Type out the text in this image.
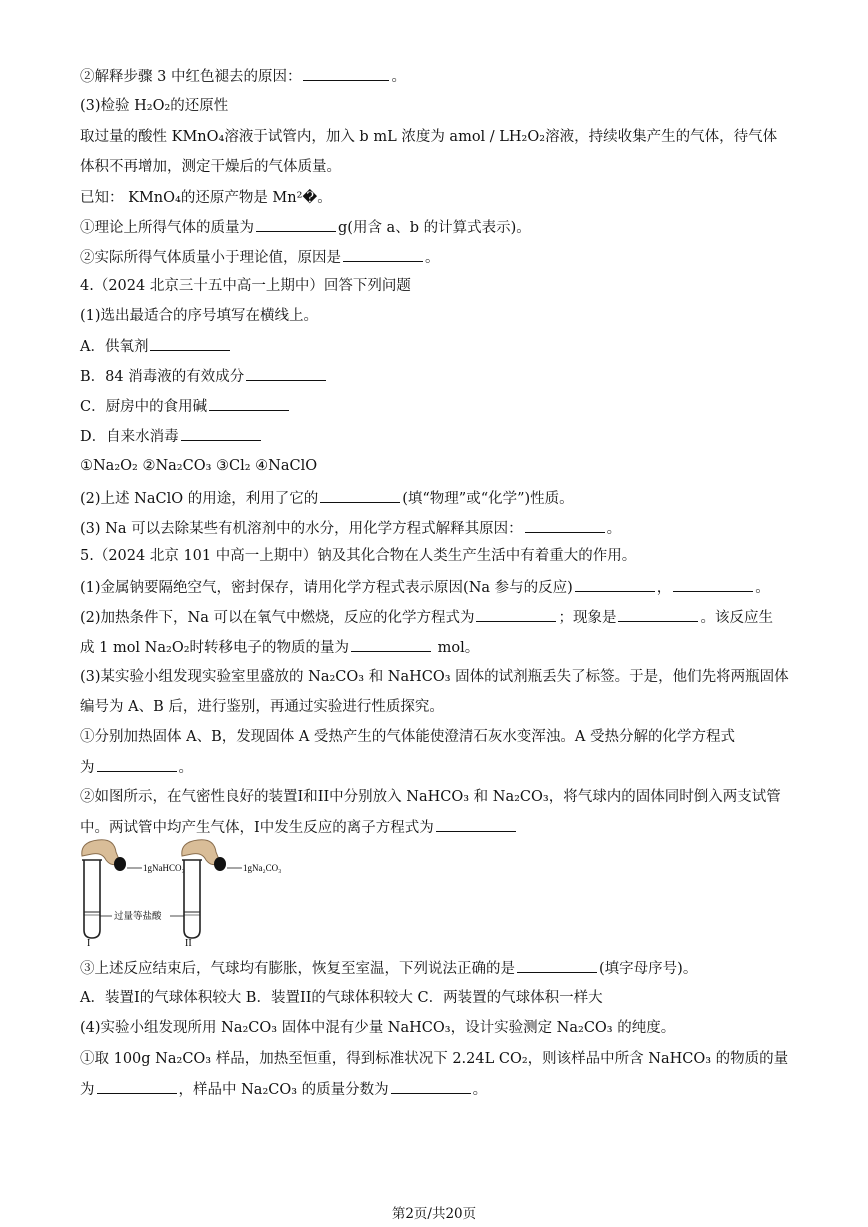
②解释步骤 3 中红色褪去的原因：	。
(3)检验 H₂O₂的还原性
取过量的酸性 KMnO₄溶液于试管内，加入 b mL 浓度为 amol / LH₂O₂溶液，持续收集产生的气体，待气体
体积不再增加，测定干燥后的气体质量。
已知： KMnO₄的还原产物是 Mn²�。
①理论上所得气体的质量为	g(用含 a、b 的计算式表示)。
②实际所得气体质量小于理论值，原因是	。
4.（2024 北京三十五中高一上期中）回答下列问题
(1)选出最适合的序号填写在横线上。
A．供氧剂
B．84 消毒液的有效成分
C．厨房中的食用碱
D．自来水消毒
①Na₂O₂ ②Na₂CO₃ ③Cl₂ ④NaClO
(2)上述 NaClO 的用途，利用了它的	(填“物理”或“化学”)性质。
(3) Na 可以去除某些有机溶剂中的水分，用化学方程式解释其原因：	。
5.（2024 北京 101 中高一上期中）钠及其化合物在人类生产生活中有着重大的作用。
(1)金属钠要隔绝空气，密封保存，请用化学方程式表示原因(Na 参与的反应)	，	。
(2)加热条件下，Na 可以在氧气中燃烧，反应的化学方程式为	；现象是	。该反应生
成 1 mol Na₂O₂时转移电子的物质的量为	mol。
(3)某实验小组发现实验室里盛放的 Na₂CO₃ 和 NaHCO₃ 固体的试剂瓶丢失了标签。于是，他们先将两瓶固体
编号为 A、B 后，进行鉴别，再通过实验进行性质探究。
①分别加热固体 A、B，发现固体 A 受热产生的气体能使澄清石灰水变浑浊。A 受热分解的化学方程式
为	。
②如图所示，在气密性良好的装置I和II中分别放入 NaHCO₃ 和 Na₂CO₃，将气球内的固体同时倒入两支试管
中。两试管中均产生气体，I中发生反应的离子方程式为
1gNaHCO₃	1gNa₂CO₃
过量等盐酸
I	II
③上述反应结束后，气球均有膨胀，恢复至室温，下列说法正确的是	(填字母序号)。
A．装置I的气球体积较大 B．装置II的气球体积较大 C．两装置的气球体积一样大
(4)实验小组发现所用 Na₂CO₃ 固体中混有少量 NaHCO₃，设计实验测定 Na₂CO₃ 的纯度。
①取 100g Na₂CO₃ 样品，加热至恒重，得到标准状况下 2.24L CO₂，则该样品中所含 NaHCO₃ 的物质的量
为	，样品中 Na₂CO₃ 的质量分数为	。
第2页/共20页
